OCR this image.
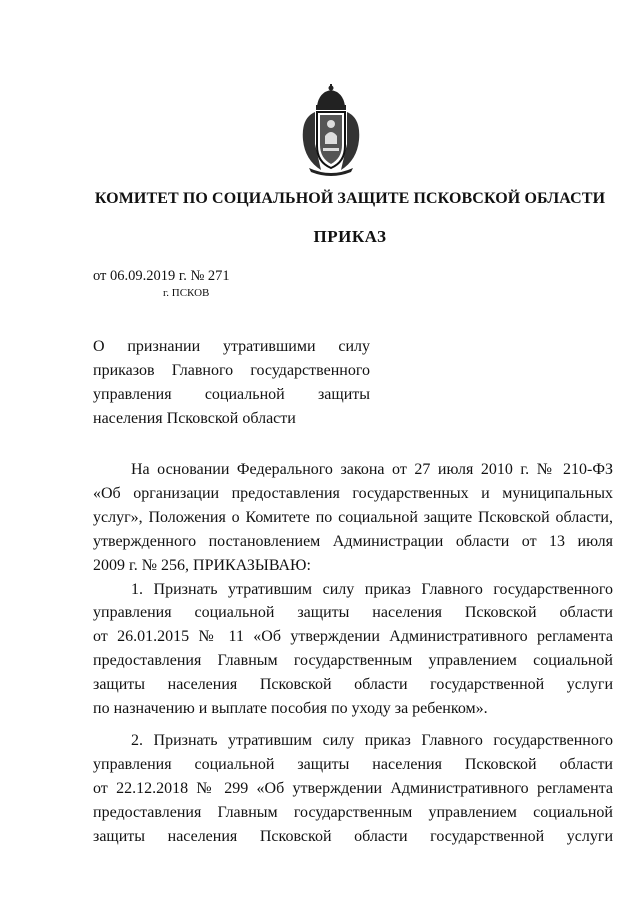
КОМИТЕТ ПО СОЦИАЛЬНОЙ ЗАЩИТЕ ПСКОВСКОЙ ОБЛАСТИ
ПРИКАЗ
от 06.09.2019 г. № 271
г. ПСКОВ
О признании утратившими силу
приказов Главного государственного
управления социальной защиты
населения Псковской области
На основании Федерального закона от 27 июля 2010 г. № 210-ФЗ
«Об организации предоставления государственных и муниципальных
услуг», Положения о Комитете по социальной защите Псковской области,
утвержденного постановлением Администрации области от 13 июля
2009 г. № 256, ПРИКАЗЫВАЮ:
1. Признать утратившим силу приказ Главного государственного
управления социальной защиты населения Псковской области
от 26.01.2015 № 11 «Об утверждении Административного регламента
предоставления Главным государственным управлением социальной
защиты населения Псковской области государственной услуги
по назначению и выплате пособия по уходу за ребенком».
2. Признать утратившим силу приказ Главного государственного
управления социальной защиты населения Псковской области
от 22.12.2018 № 299 «Об утверждении Административного регламента
предоставления Главным государственным управлением социальной
защиты населения Псковской области государственной услуги
